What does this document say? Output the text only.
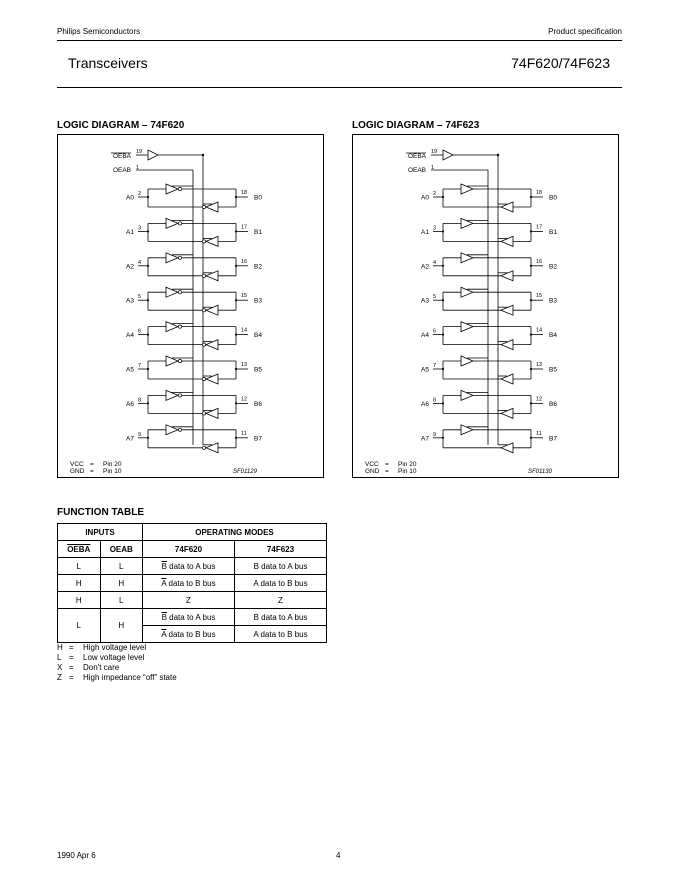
Philips Semiconductors	Product specification
Transceivers	74F620/74F623
LOGIC DIAGRAM – 74F620	LOGIC DIAGRAM – 74F623
OEBA
19
OEAB 1
A0
2
B0
18
A1
3
B1
17
A2
4
B2
16
A3
5
B3
15
A4
6
B4
14
A5
7
B5
13
A6
8
B6
12
A7
9
B7
11
VCC
GND
=
=
Pin 20
Pin 10	SF01129
OEBA
19
OEAB 1
A0
2
B0
18
A1
3
B1
17
A2
4
B2
16
A3
5
B3
15
A4
6
B4
14
A5
7
B5
13
A6
8
B6
12
A7
9
B7
11
VCC
GND
=
=
Pin 20
Pin 10	SF01130
FUNCTION TABLE
INPUTS		OPERATING MODES	
OEBA	OEAB	74F620	74F623
L	L	$\overline{B}$ data to A bus	B data to A bus
H	H	$\overline{A}$ data to B bus	A data to B bus
H	L	Z	Z
L	H	$\overline{B}$ data to A bus	B data to A bus
		$\overline{A}$ data to B bus	A data to B bus
H = High voltage level
L = Low voltage level
X = Don't care
Z = High impedance “off” state
1990 Apr 6	4
